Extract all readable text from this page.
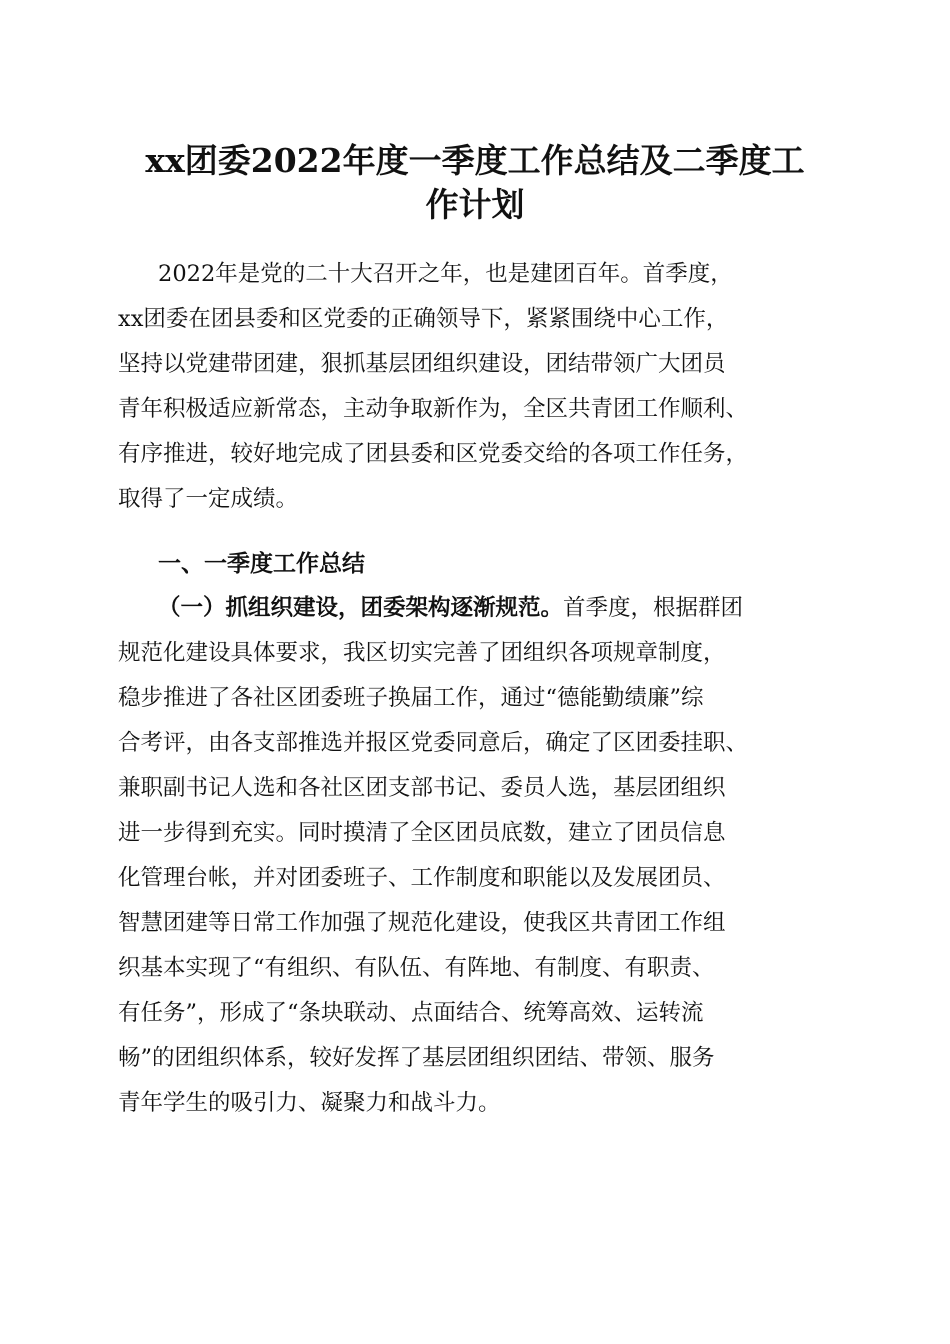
xx团委2022年度一季度工作总结及二季度工
作计划
2022年是党的二十大召开之年，也是建团百年。首季度，
xx团委在团县委和区党委的正确领导下，紧紧围绕中心工作，
坚持以党建带团建，狠抓基层团组织建设，团结带领广大团员
青年积极适应新常态，主动争取新作为，全区共青团工作顺利、
有序推进，较好地完成了团县委和区党委交给的各项工作任务，
取得了一定成绩。
一、一季度工作总结
（一）抓组织建设，团委架构逐渐规范。首季度，根据群团
规范化建设具体要求，我区切实完善了团组织各项规章制度，
稳步推进了各社区团委班子换届工作，通过“德能勤绩廉”综
合考评，由各支部推选并报区党委同意后，确定了区团委挂职、
兼职副书记人选和各社区团支部书记、委员人选，基层团组织
进一步得到充实。同时摸清了全区团员底数，建立了团员信息
化管理台帐，并对团委班子、工作制度和职能以及发展团员、
智慧团建等日常工作加强了规范化建设，使我区共青团工作组
织基本实现了“有组织、有队伍、有阵地、有制度、有职责、
有任务”，形成了“条块联动、点面结合、统筹高效、运转流
畅”的团组织体系，较好发挥了基层团组织团结、带领、服务
青年学生的吸引力、凝聚力和战斗力。
